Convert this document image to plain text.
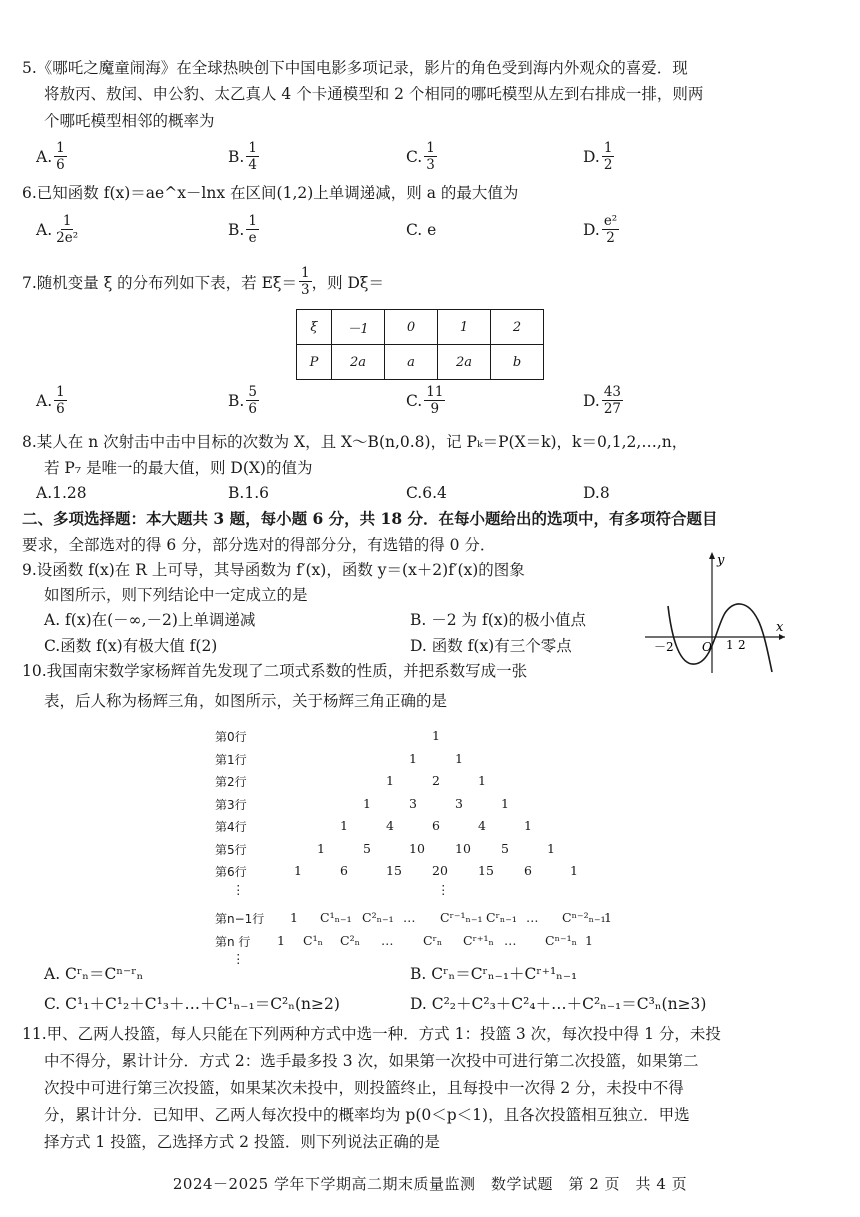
5.《哪吒之魔童闹海》在全球热映创下中国电影多项记录，影片的角色受到海内外观众的喜爱．现
将敖丙、敖闰、申公豹、太乙真人 4 个卡通模型和 2 个相同的哪吒模型从左到右排成一排，则两
个哪吒模型相邻的概率为
A. $\frac{1}{6}$	B. $\frac{1}{4}$	C. $\frac{1}{3}$	D. $\frac{1}{2}$
6.已知函数 f(x)＝ae^x－lnx 在区间(1,2)上单调递减，则 a 的最大值为
A. $\frac{1}{\text{2e²}}$	B. $\frac{1}{e}$	C.
e	D. $\frac{\text{e²}}{2}$
7.随机变量 ξ 的分布列如下表，若 $E\xi= \frac{1}{3}$ ，则 Dξ＝
ξ	－1	0	1	2
P	2a	a	2a	b
A. $\frac{1}{6}$	B. $\frac{5}{6}$	C. $\frac{11}{9}$	D. $\frac{43}{27}$
8.某人在 n 次射击中击中目标的次数为 X，且 X～B(n,0.8)，记 Pₖ＝P(X＝k)，k＝0,1,2,…,n，
若 P₇ 是唯一的最大值，则 D(X)的值为
A.1.28	B.1.6	C.6.4	D.8
二、多项选择题：本大题共 3 题，每小题 6 分，共 18 分．在每小题给出的选项中，有多项符合题目
要求，全部选对的得 6 分，部分选对的得部分分，有选错的得 0 分．
9.设函数 f(x)在 R 上可导，其导函数为 f′(x)，函数 y＝(x＋2)f′(x)的图象
如图所示，则下列结论中一定成立的是
A. f(x)在(－∞,－2)上单调递减	B. －2 为 f(x)的极小值点
C.函数 f(x)有极大值 f(2)	D. 函数 f(x)有三个零点
y
x
－2 O 1 2
10.我国南宋数学家杨辉首先发现了二项式系数的性质，并把系数写成一张
表，后人称为杨辉三角，如图所示，关于杨辉三角正确的是
第0行	1
第1行	1	1
第2行	1	2	1
第3行	1	3	3	1
第4行	1	4	6	4	1
第5行	1	5	10 10 5	1
第6行	1	6	15 20 15 6	1
⋮	⋮
第n−1行 1 C¹ₙ₋₁ C²ₙ₋₁ … Cʳ⁻¹ₙ₋₁ Cʳₙ₋₁ … Cⁿ⁻²ₙ₋₁
1
第n 行 1 C¹ₙ C²ₙ … Cʳₙ Cʳ⁺¹ₙ … Cⁿ⁻¹ₙ 1
⋮
A. Cʳₙ＝Cⁿ⁻ʳₙ	B. Cʳₙ＝Cʳₙ₋₁＋Cʳ⁺¹ₙ₋₁
C. C¹₁＋C¹₂＋C¹₃＋…＋C¹ₙ₋₁＝C²ₙ(n≥2)	D. C²₂＋C²₃＋C²₄＋…＋C²ₙ₋₁＝C³ₙ(n≥3)
11.甲、乙两人投篮，每人只能在下列两种方式中选一种．方式 1：投篮 3 次，每次投中得 1 分，未投
中不得分，累计计分．方式 2：选手最多投 3 次，如果第一次投中可进行第二次投篮，如果第二
次投中可进行第三次投篮，如果某次未投中，则投篮终止，且每投中一次得 2 分，未投中不得
分，累计计分．已知甲、乙两人每次投中的概率均为 p(0＜p＜1)，且各次投篮相互独立．甲选
择方式 1 投篮，乙选择方式 2 投篮．则下列说法正确的是
2024－2025 学年下学期高二期末质量监测　数学试题　第 2 页　共 4 页
